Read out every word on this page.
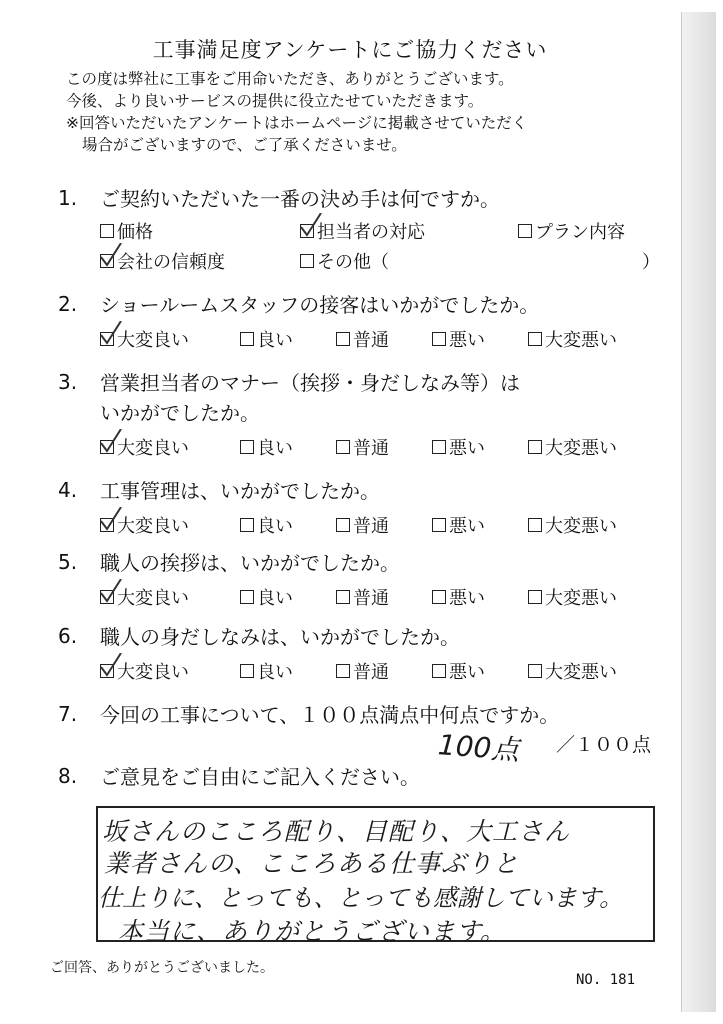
工事満足度アンケートにご協力ください
この度は弊社に工事をご用命いただき、ありがとうございます。
今後、より良いサービスの提供に役立たせていただきます。
※回答いただいたアンケートはホームページに掲載させていただく
場合がございますので、ご了承くださいませ。
1. ご契約いただいた一番の決め手は何ですか。
価格	担当者の対応	プラン内容
会社の信頼度	その他（	）
2. ショールームスタッフの接客はいかがでしたか。
大変良い	良い	普通	悪い	大変悪い
3. 営業担当者のマナー（挨拶・身だしなみ等）は
いかがでしたか。
大変良い	良い	普通	悪い	大変悪い
4. 工事管理は、いかがでしたか。
大変良い	良い	普通	悪い	大変悪い
5. 職人の挨拶は、いかがでしたか。
大変良い	良い	普通	悪い	大変悪い
6. 職人の身だしなみは、いかがでしたか。
大変良い	良い	普通	悪い	大変悪い
7. 今回の工事について、１００点満点中何点ですか。
100点 ／１００点
8. ご意見をご自由にご記入ください。
坂さんのこころ配り、目配り、大工さん
業者さんの、こころある仕事ぶりと
仕上りに、とっても、とっても感謝しています。
本当に、ありがとうございます。
ご回答、ありがとうございました。
NO. 181
